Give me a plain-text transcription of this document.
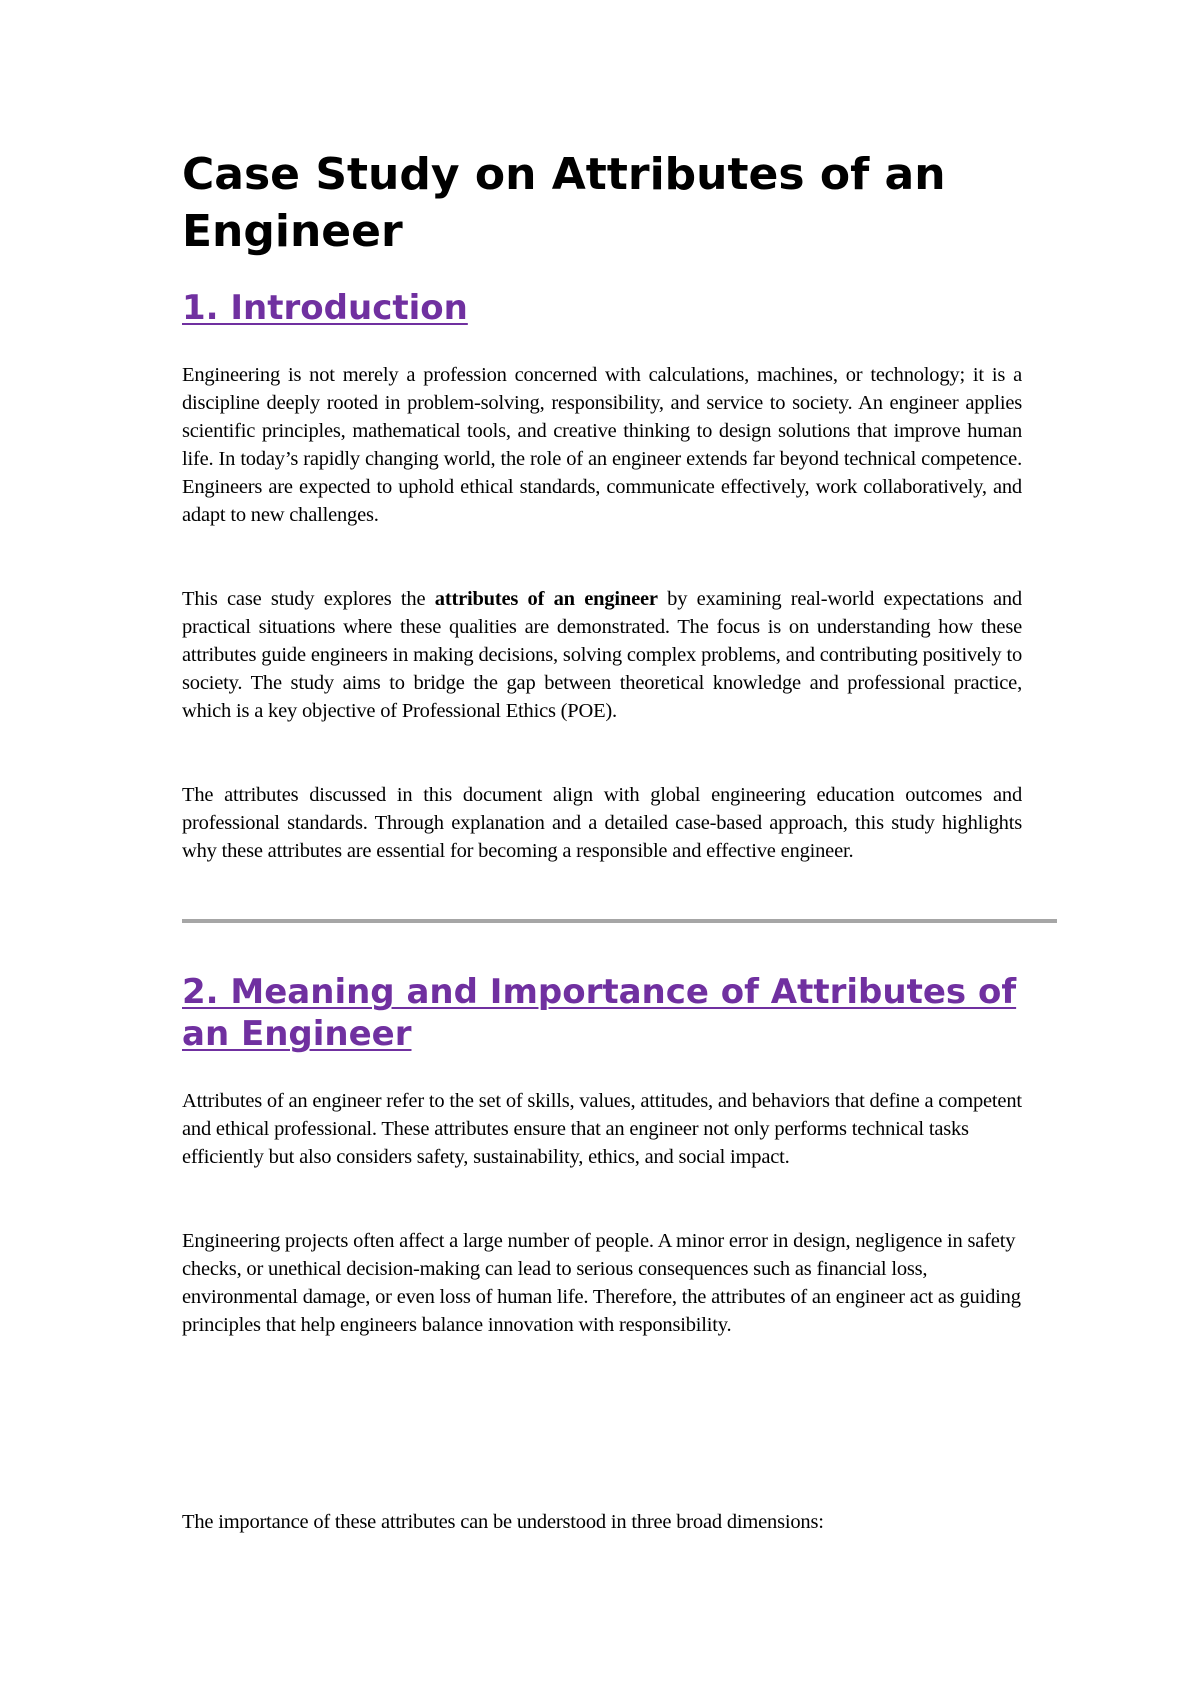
Case Study on Attributes of an Engineer
1. Introduction

Engineering is not merely a profession concerned with calculations, machines, or technology; it is a discipline deeply rooted in problem-solving, responsibility, and service to society. An engineer applies scientific principles, mathematical tools, and creative thinking to design solutions that improve human life. In today’s rapidly changing world, the role of an engineer extends far beyond technical competence. Engineers are expected to uphold ethical standards, communicate effectively, work collaboratively, and adapt to new challenges.

This case study explores the attributes of an engineer by examining real-world expectations and practical situations where these qualities are demonstrated. The focus is on understanding how these attributes guide engineers in making decisions, solving complex problems, and contributing positively to society. The study aims to bridge the gap between theoretical knowledge and professional practice, which is a key objective of Professional Ethics (POE).

The attributes discussed in this document align with global engineering education outcomes and professional standards. Through explanation and a detailed case-based approach, this study highlights why these attributes are essential for becoming a responsible and effective engineer.

2. Meaning and Importance of Attributes of an Engineer

Attributes of an engineer refer to the set of skills, values, attitudes, and behaviors that define a competent and ethical professional. These attributes ensure that an engineer not only performs technical tasks efficiently but also considers safety, sustainability, ethics, and social impact.

Engineering projects often affect a large number of people. A minor error in design, negligence in safety checks, or unethical decision-making can lead to serious consequences such as financial loss, environmental damage, or even loss of human life. Therefore, the attributes of an engineer act as guiding principles that help engineers balance innovation with responsibility.

The importance of these attributes can be understood in three broad dimensions:
